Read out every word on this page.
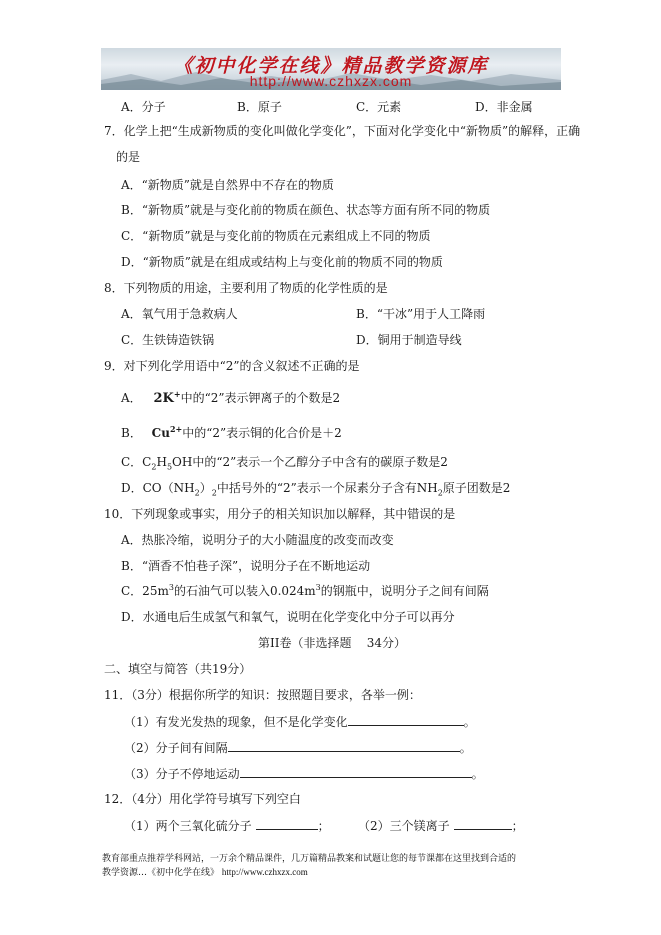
《初中化学在线》精品教学资源库
http://www.czhxzx.com
A．分子	B．原子	C．元素	D．非金属
7．化学上把“生成新物质的变化叫做化学变化”，下面对化学变化中“新物质”的解释，正确
的是
A．“新物质”就是自然界中不存在的物质
B．“新物质”就是与变化前的物质在颜色、状态等方面有所不同的物质
C．“新物质”就是与变化前的物质在元素组成上不同的物质
D．“新物质”就是在组成或结构上与变化前的物质不同的物质
8．下列物质的用途，主要利用了物质的化学性质的是
A．氧气用于急救病人	B．“干冰”用于人工降雨
C．生铁铸造铁锅	D．铜用于制造导线
9．对下列化学用语中“2”的含义叙述不正确的是
A． 2K+中的“2”表示钾离子的个数是2
B． $Cu^{2+}$中的“2”表示铜的化合价是＋2
C．$C_2H_5OH$中的“2”表示一个乙醇分子中含有的碳原子数是2
D．$CO(NH_2)_2$中括号外的“2”表示一个尿素分子含有$NH_2$原子团数是2
10．下列现象或事实，用分子的相关知识加以解释，其中错误的是
A．热胀冷缩，说明分子的大小随温度的改变而改变
B．“酒香不怕巷子深”，说明分子在不断地运动
C．$25m^3$的石油气可以装入$0.024m^3$的钢瓶中，说明分子之间有间隔
D．水通电后生成氢气和氧气，说明在化学变化中分子可以再分
第II卷（非选择题    34分）
二、填空与简答（共19分）
11．（3分）根据你所学的知识：按照题目要求，各举一例：
（1）有发光发热的现象，但不是化学变化	。
（2）分子间有间隔	。
（3）分子不停地运动	。
12．（4分）用化学符号填写下列空白
（1）两个三氧化硫分子	； （2）三个镁离子	；
教育部重点推荐学科网站，一万余个精品课件，几万篇精品教案和试题让您的每节课都在这里找到合适的
教学资源…《初中化学在线》 http://www.czhxzx.com
